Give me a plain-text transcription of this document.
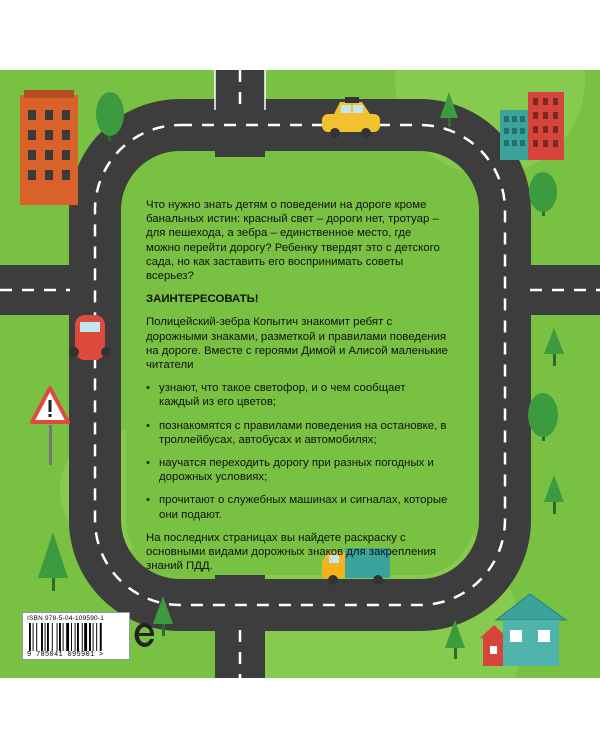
Что нужно знать детям о поведении на дороге кроме банальных истин: красный свет – дороги нет, тротуар – для пешехода, а зебра – единственное место, где можно перейти дорогу? Ребенку твердят это с детского сада, но как заставить его воспринимать советы всерьез?

ЗАИНТЕРЕСОВАТЬ!

Полицейский-зебра Копытич знакомит ребят с дорожными знаками, разметкой и правилами поведения на дороге. Вместе с героями Димой и Алисой маленькие читатели

• узнают, что такое светофор, и о чем сообщает каждый из его цветов;
• познакомятся с правилами поведения на остановке, в троллейбусах, автобусах и автомобилях;
• научатся переходить дорогу при разных погодных и дорожных условиях;
• прочитают о служебных машинах и сигналах, которые они подают.

На последних страницах вы найдете раскраску с основными видами дорожных знаков для закрепления знаний ПДД.

ISBN 978-5-04-109590-1
9 785041 095901 >
